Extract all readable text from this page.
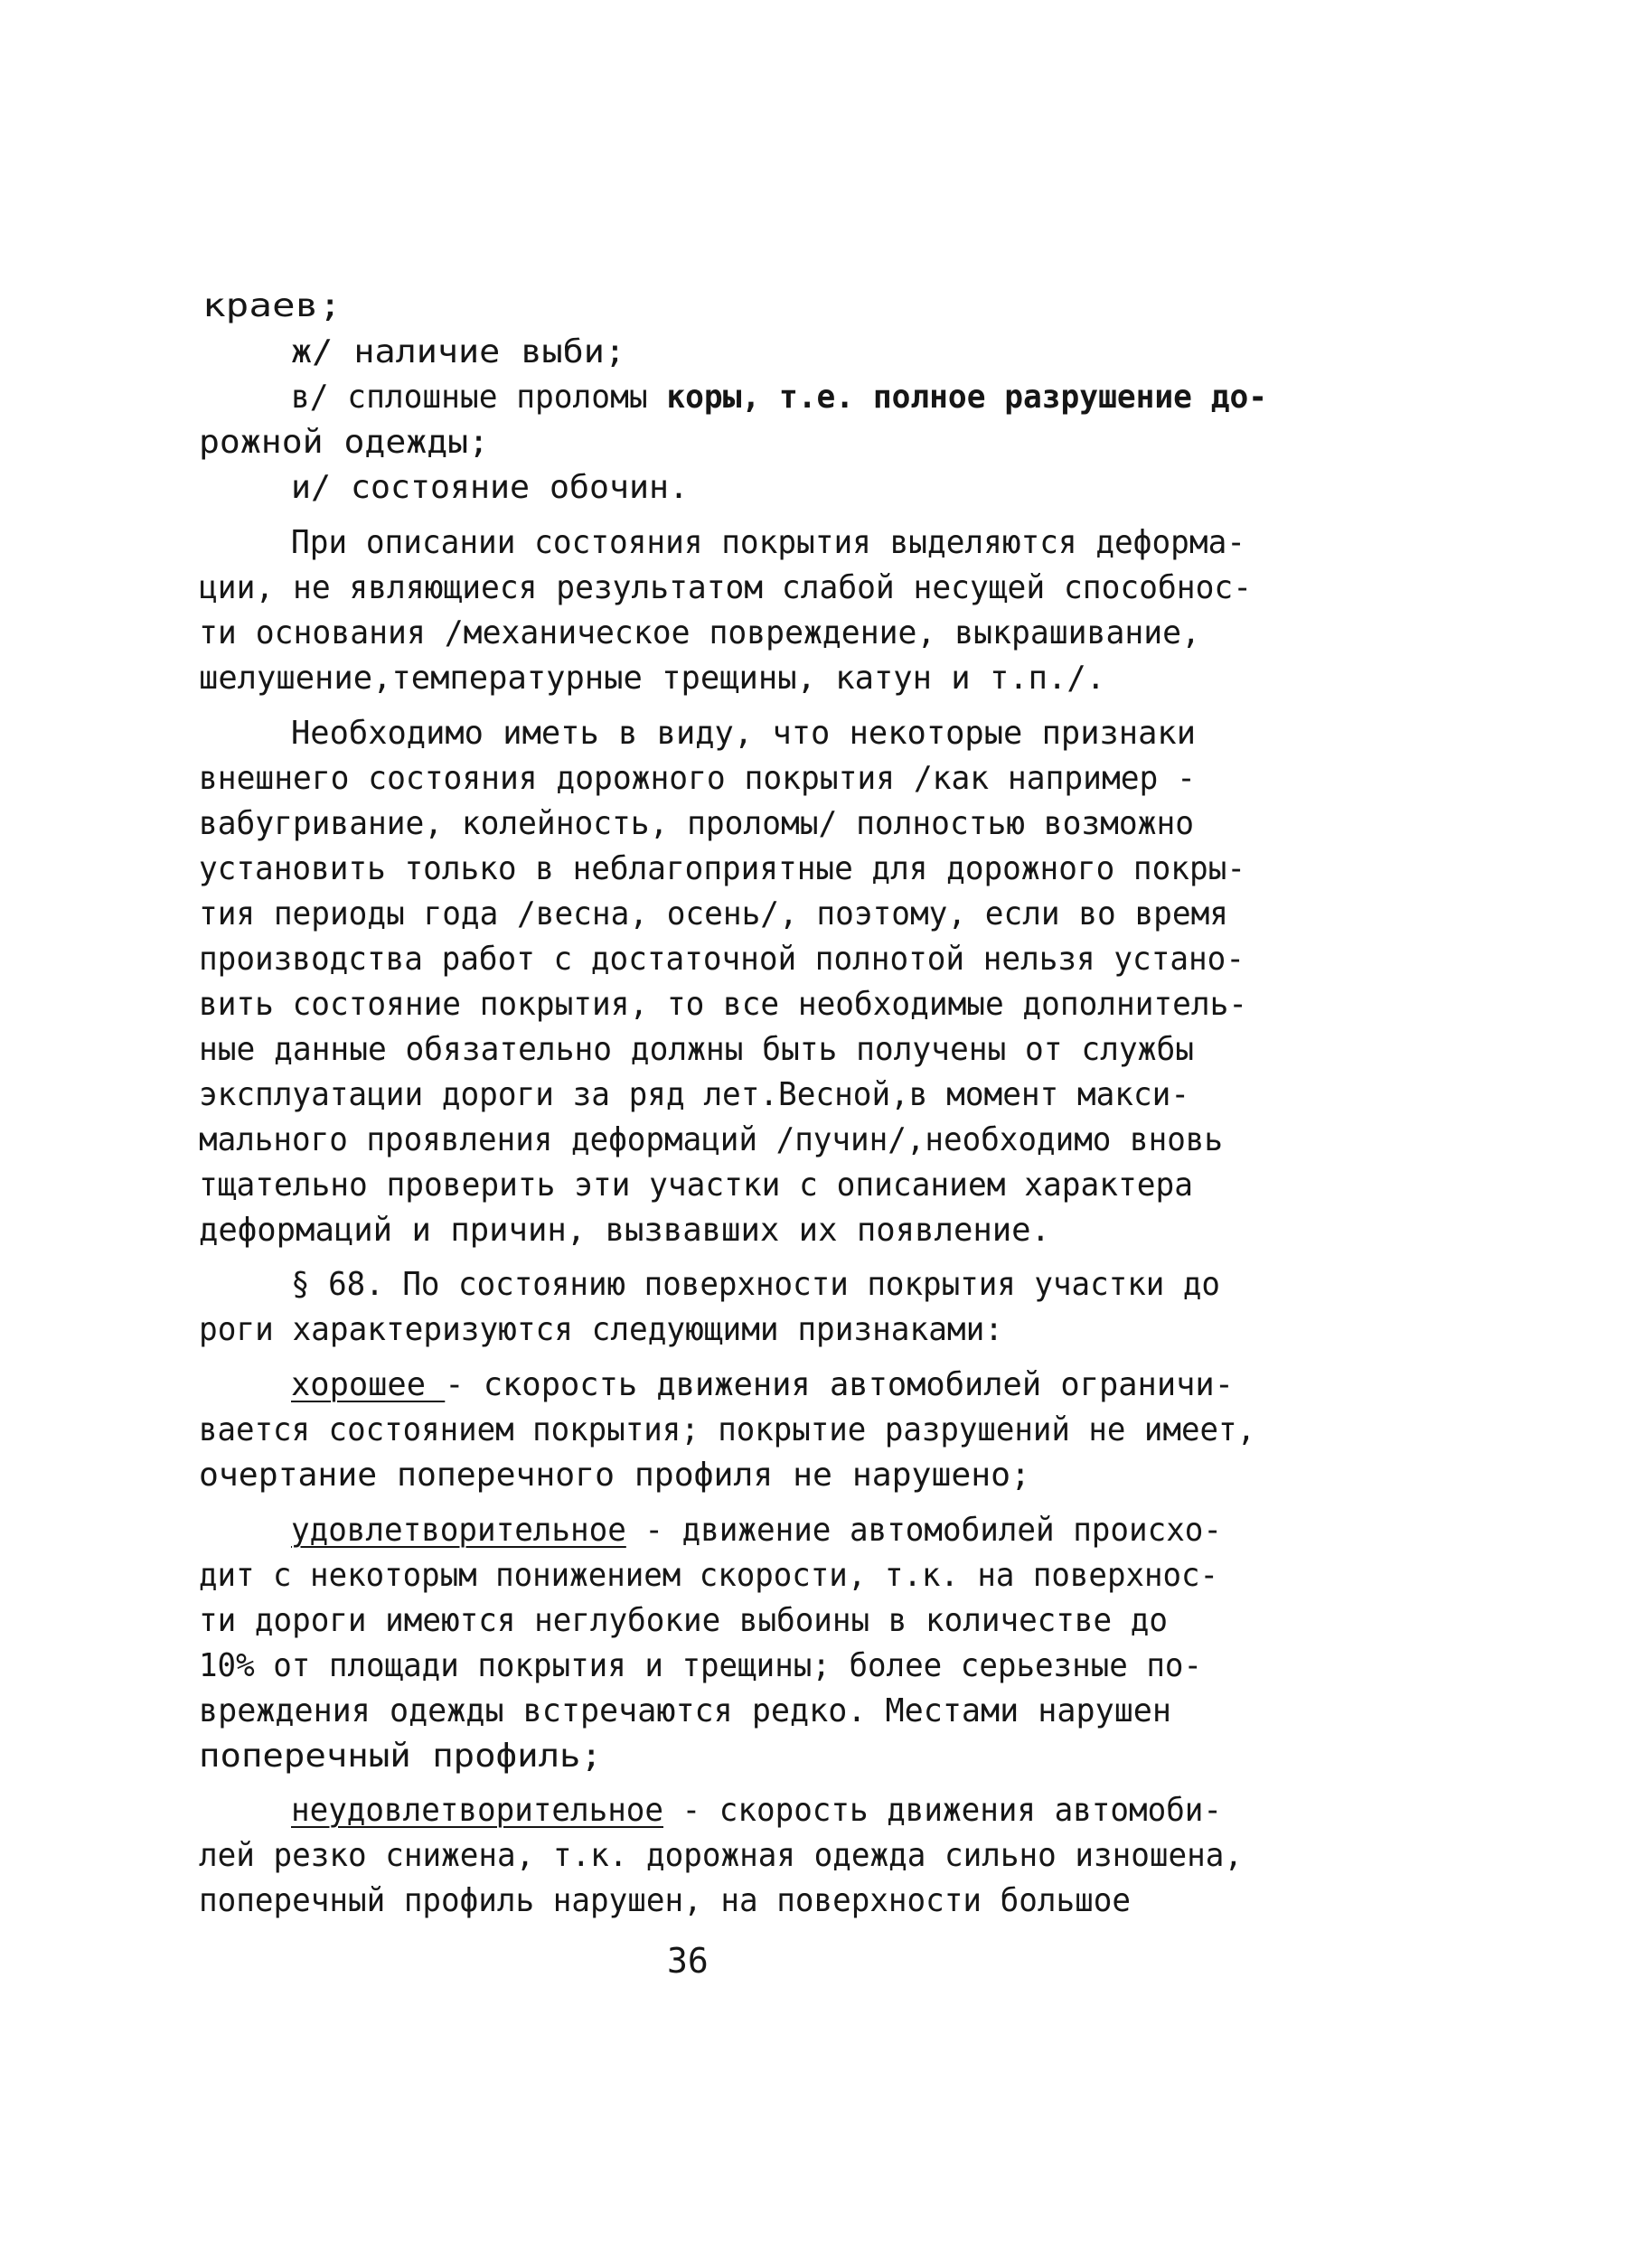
36
краев;
ж/ наличие выби;
в/ сплошные проломы коры, т.е. полное разрушение до-
рожной одежды;
и/ состояние обочин.
При описании состояния покрытия выделяются деформа-
ции, не являющиеся результатом слабой несущей способнос-
ти основания /механическое повреждение, выкрашивание,
шелушение,температурные трещины, катун и т.п./.
Необходимо иметь в виду, что некоторые признаки
внешнего состояния дорожного покрытия /как например -
вабугривание, колейность, проломы/ полностью возможно
установить только в неблагоприятные для дорожного покры-
тия периоды года /весна, осень/, поэтому, если во время
производства работ с достаточной полнотой нельзя устано-
вить состояние покрытия, то все необходимые дополнитель-
ные данные обязательно должны быть получены от службы
эксплуатации дороги за ряд лет.Весной,в момент макси-
мального проявления деформаций /пучин/,необходимо вновь
тщательно проверить эти участки с описанием характера
деформаций и причин, вызвавших их появление.
§ 68. По состоянию поверхности покрытия участки до
роги характеризуются следующими признаками:
хорошее - скорость движения автомобилей ограничи-
вается состоянием покрытия; покрытие разрушений не имеет,
очертание поперечного профиля не нарушено;
удовлетворительное - движение автомобилей происхо-
дит с некоторым понижением скорости, т.к. на поверхнос-
ти дороги имеются неглубокие выбоины в количестве до
10% от площади покрытия и трещины; более серьезные по-
вреждения одежды встречаются редко. Местами нарушен
поперечный профиль;
неудовлетворительное - скорость движения автомоби-
лей резко снижена, т.к. дорожная одежда сильно изношена,
поперечный профиль нарушен, на поверхности большое
